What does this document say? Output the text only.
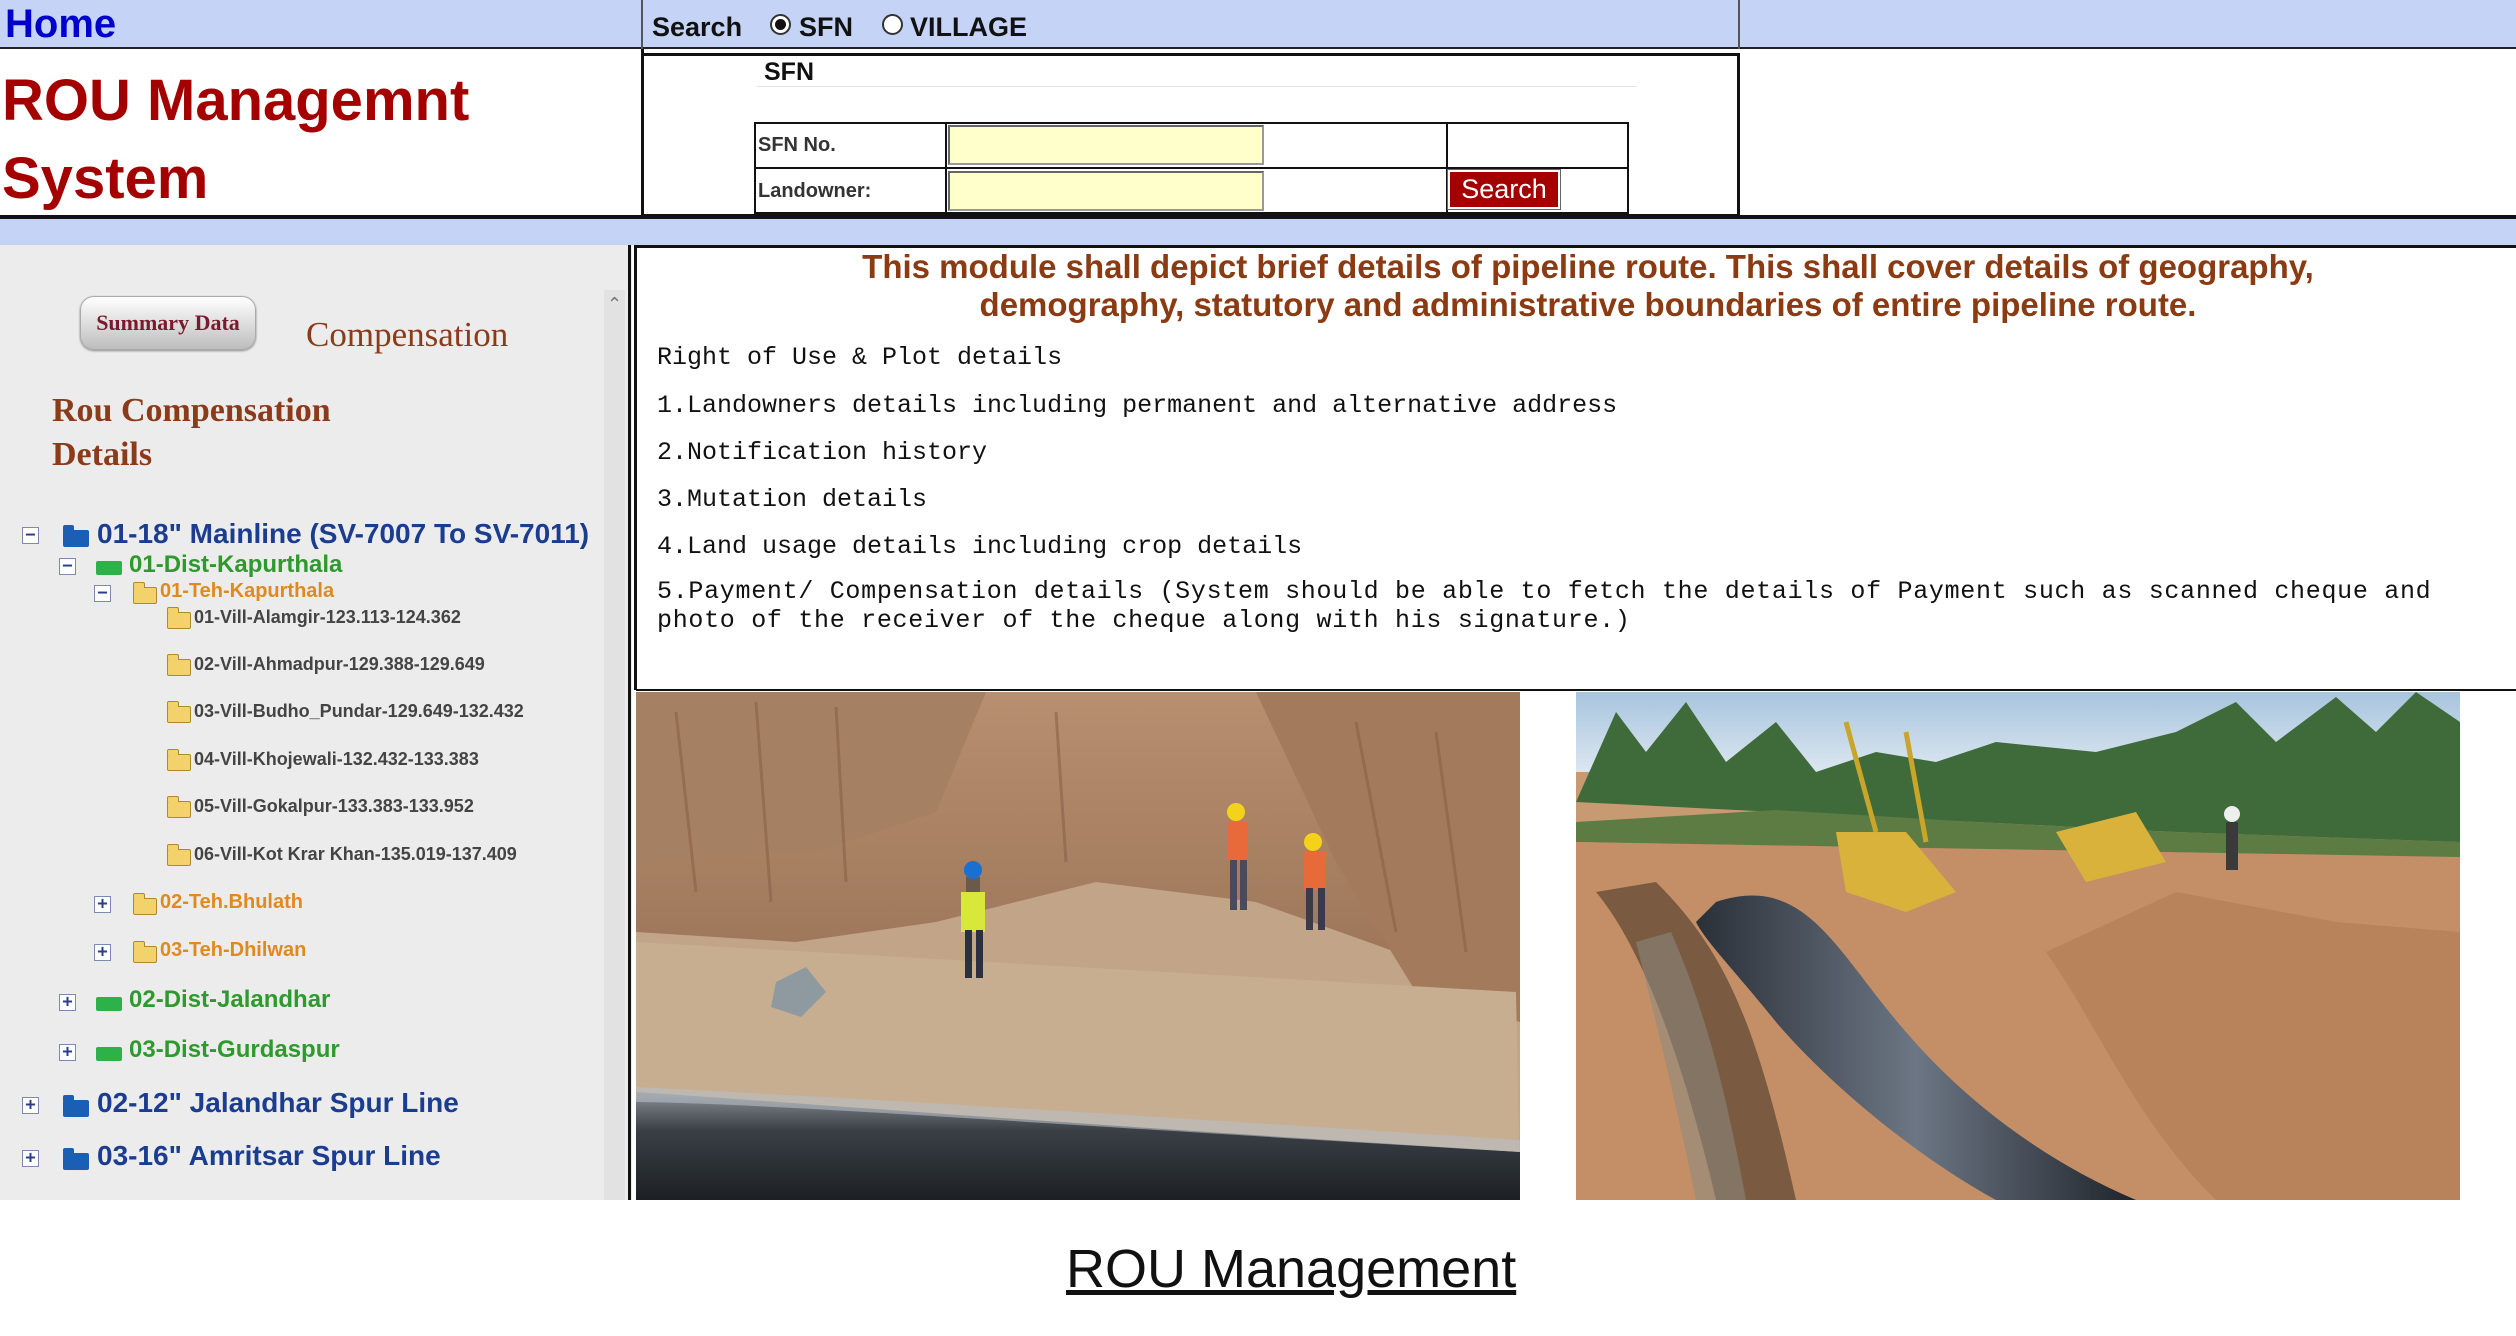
Home	Search SFN VILLAGE
ROU Managemnt
System
SFN
SFN No.
Landowner:	Search
⌃
Summary Data	Compensation
Rou Compensation
Details
− 01-18" Mainline (SV-7007 To SV-7011)
− 01-Dist-Kapurthala
−	01-Teh-Kapurthala
01-Vill-Alamgir-123.113-124.362
02-Vill-Ahmadpur-129.388-129.649
03-Vill-Budho_Pundar-129.649-132.432
04-Vill-Khojewali-132.432-133.383
05-Vill-Gokalpur-133.383-133.952
06-Vill-Kot Krar Khan-135.019-137.409
+	02-Teh.Bhulath
+	03-Teh-Dhilwan
+ 02-Dist-Jalandhar
+ 03-Dist-Gurdaspur
+ 02-12" Jalandhar Spur Line
+ 03-16" Amritsar Spur Line
This module shall depict brief details of pipeline route. This shall cover details of geography,
demography, statutory and administrative boundaries of entire pipeline route.
Right of Use & Plot details
1.Landowners details including permanent and alternative address
2.Notification history
3.Mutation details
4.Land usage details including crop details
5.Payment/ Compensation details (System should be able to fetch the details of Payment such as scanned cheque and
photo of the receiver of the cheque along with his signature.)
ROU Management
